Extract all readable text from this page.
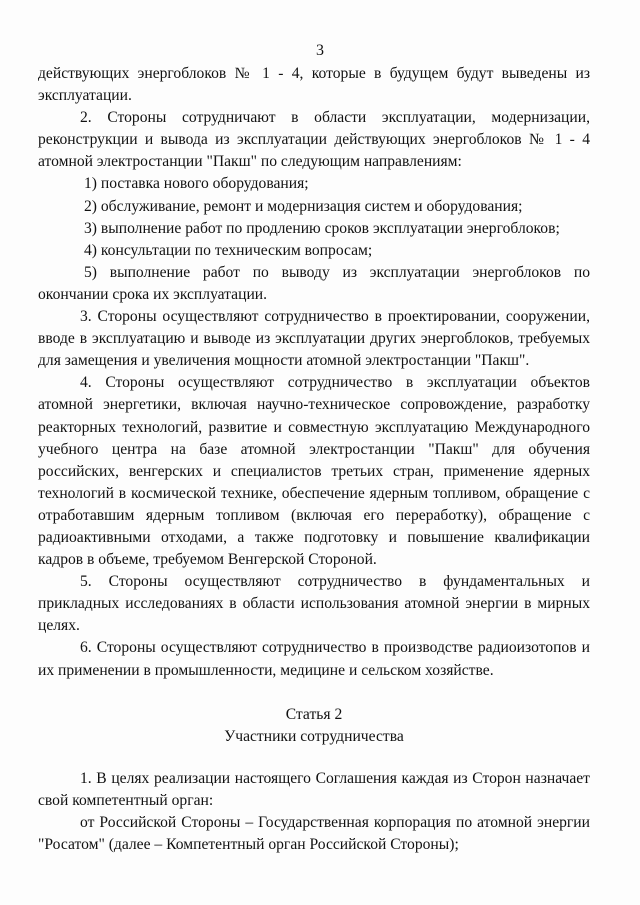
3

действующих энергоблоков № 1 - 4, которые в будущем будут выведены из эксплуатации.

2. Стороны сотрудничают в области эксплуатации, модернизации, реконструкции и вывода из эксплуатации действующих энергоблоков № 1 - 4 атомной электростанции "Пакш" по следующим направлениям:

1) поставка нового оборудования;

2) обслуживание, ремонт и модернизация систем и оборудования;

3) выполнение работ по продлению сроков эксплуатации энергоблоков;

4) консультации по техническим вопросам;

5) выполнение работ по выводу из эксплуатации энергоблоков по окончании срока их эксплуатации.

3. Стороны осуществляют сотрудничество в проектировании, сооружении, вводе в эксплуатацию и выводе из эксплуатации других энергоблоков, требуемых для замещения и увеличения мощности атомной электростанции "Пакш".

4. Стороны осуществляют сотрудничество в эксплуатации объектов атомной энергетики, включая научно-техническое сопровождение, разработку реакторных технологий, развитие и совместную эксплуатацию Международного учебного центра на базе атомной электростанции "Пакш" для обучения российских, венгерских и специалистов третьих стран, применение ядерных технологий в космической технике, обеспечение ядерным топливом, обращение с отработавшим ядерным топливом (включая его переработку), обращение с радиоактивными отходами, а также подготовку и повышение квалификации кадров в объеме, требуемом Венгерской Стороной.

5. Стороны осуществляют сотрудничество в фундаментальных и прикладных исследованиях в области использования атомной энергии в мирных целях.

6. Стороны осуществляют сотрудничество в производстве радиоизотопов и их применении в промышленности, медицине и сельском хозяйстве.

Статья 2

Участники сотрудничества

1. В целях реализации настоящего Соглашения каждая из Сторон назначает свой компетентный орган:

от Российской Стороны – Государственная корпорация по атомной энергии "Росатом" (далее – Компетентный орган Российской Стороны);
